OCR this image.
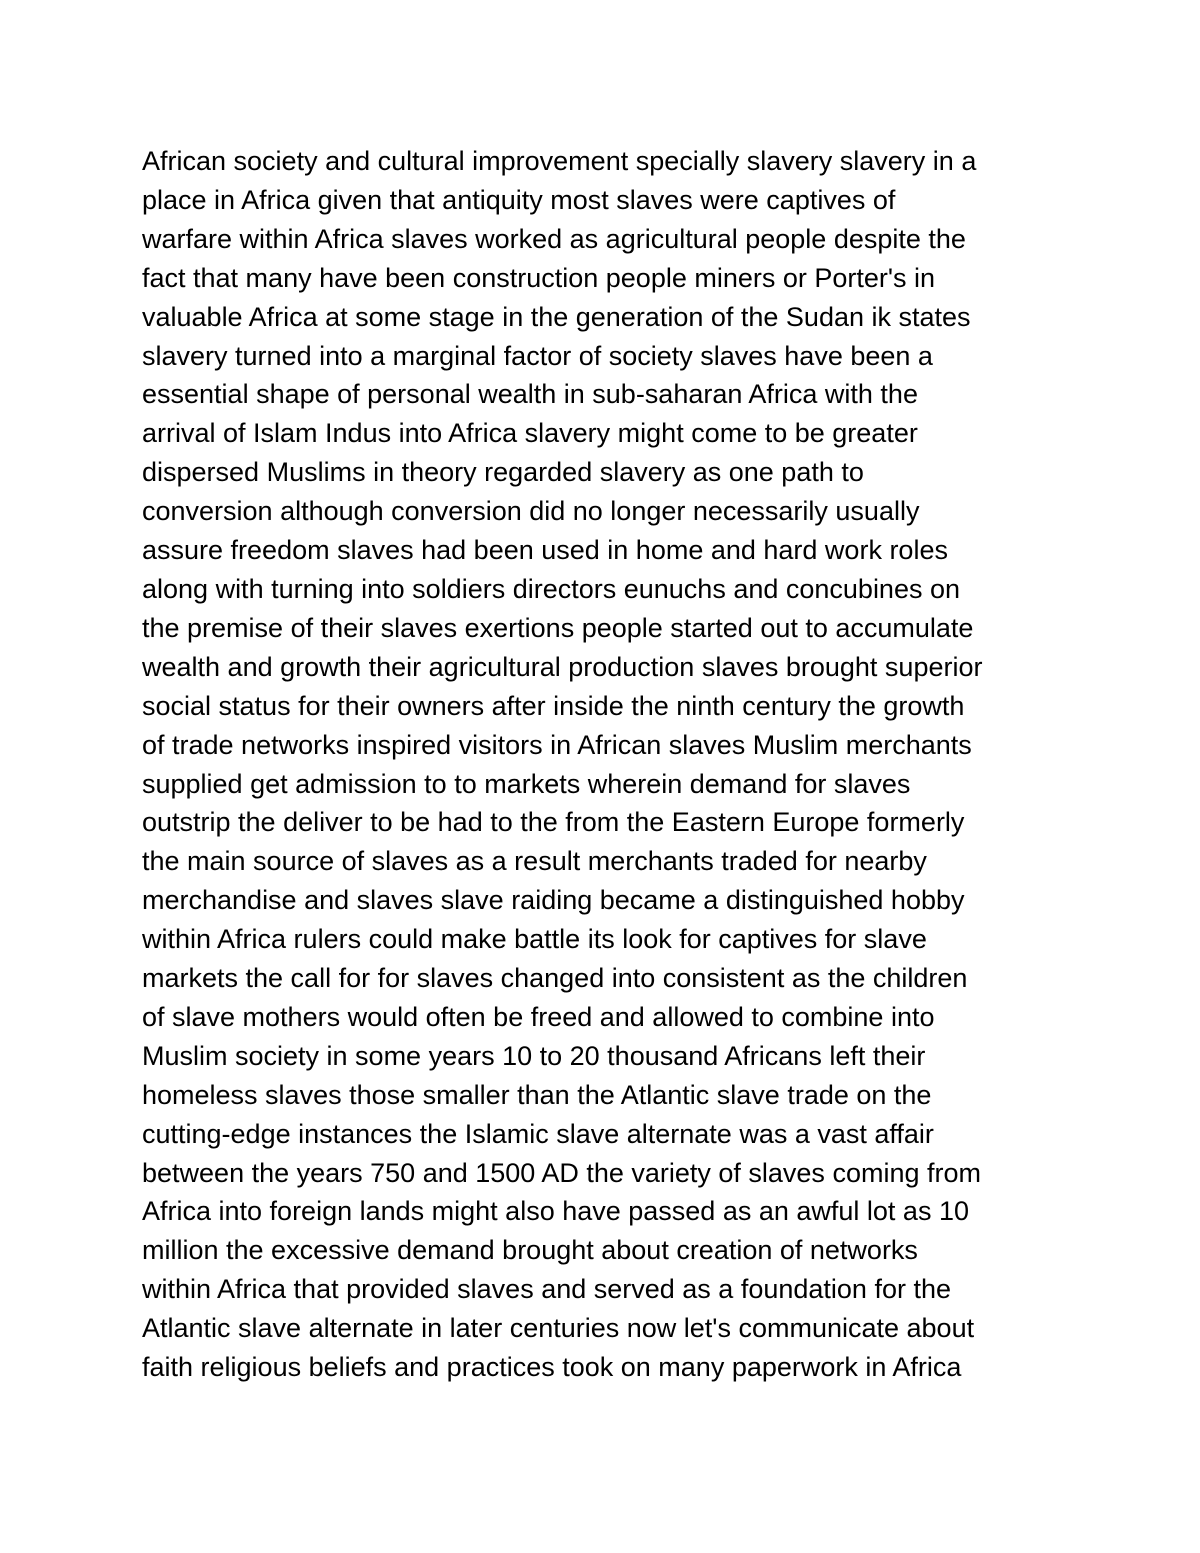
African society and cultural improvement specially slavery slavery in a
place in Africa given that antiquity most slaves were captives of
warfare within Africa slaves worked as agricultural people despite the
fact that many have been construction people miners or Porter's in
valuable Africa at some stage in the generation of the Sudan ik states
slavery turned into a marginal factor of society slaves have been a
essential shape of personal wealth in sub-saharan Africa with the
arrival of Islam Indus into Africa slavery might come to be greater
dispersed Muslims in theory regarded slavery as one path to
conversion although conversion did no longer necessarily usually
assure freedom slaves had been used in home and hard work roles
along with turning into soldiers directors eunuchs and concubines on
the premise of their slaves exertions people started out to accumulate
wealth and growth their agricultural production slaves brought superior
social status for their owners after inside the ninth century the growth
of trade networks inspired visitors in African slaves Muslim merchants
supplied get admission to to markets wherein demand for slaves
outstrip the deliver to be had to the from the Eastern Europe formerly
the main source of slaves as a result merchants traded for nearby
merchandise and slaves slave raiding became a distinguished hobby
within Africa rulers could make battle its look for captives for slave
markets the call for for slaves changed into consistent as the children
of slave mothers would often be freed and allowed to combine into
Muslim society in some years 10 to 20 thousand Africans left their
homeless slaves those smaller than the Atlantic slave trade on the
cutting-edge instances the Islamic slave alternate was a vast affair
between the years 750 and 1500 AD the variety of slaves coming from
Africa into foreign lands might also have passed as an awful lot as 10
million the excessive demand brought about creation of networks
within Africa that provided slaves and served as a foundation for the
Atlantic slave alternate in later centuries now let's communicate about
faith religious beliefs and practices took on many paperwork in Africa
